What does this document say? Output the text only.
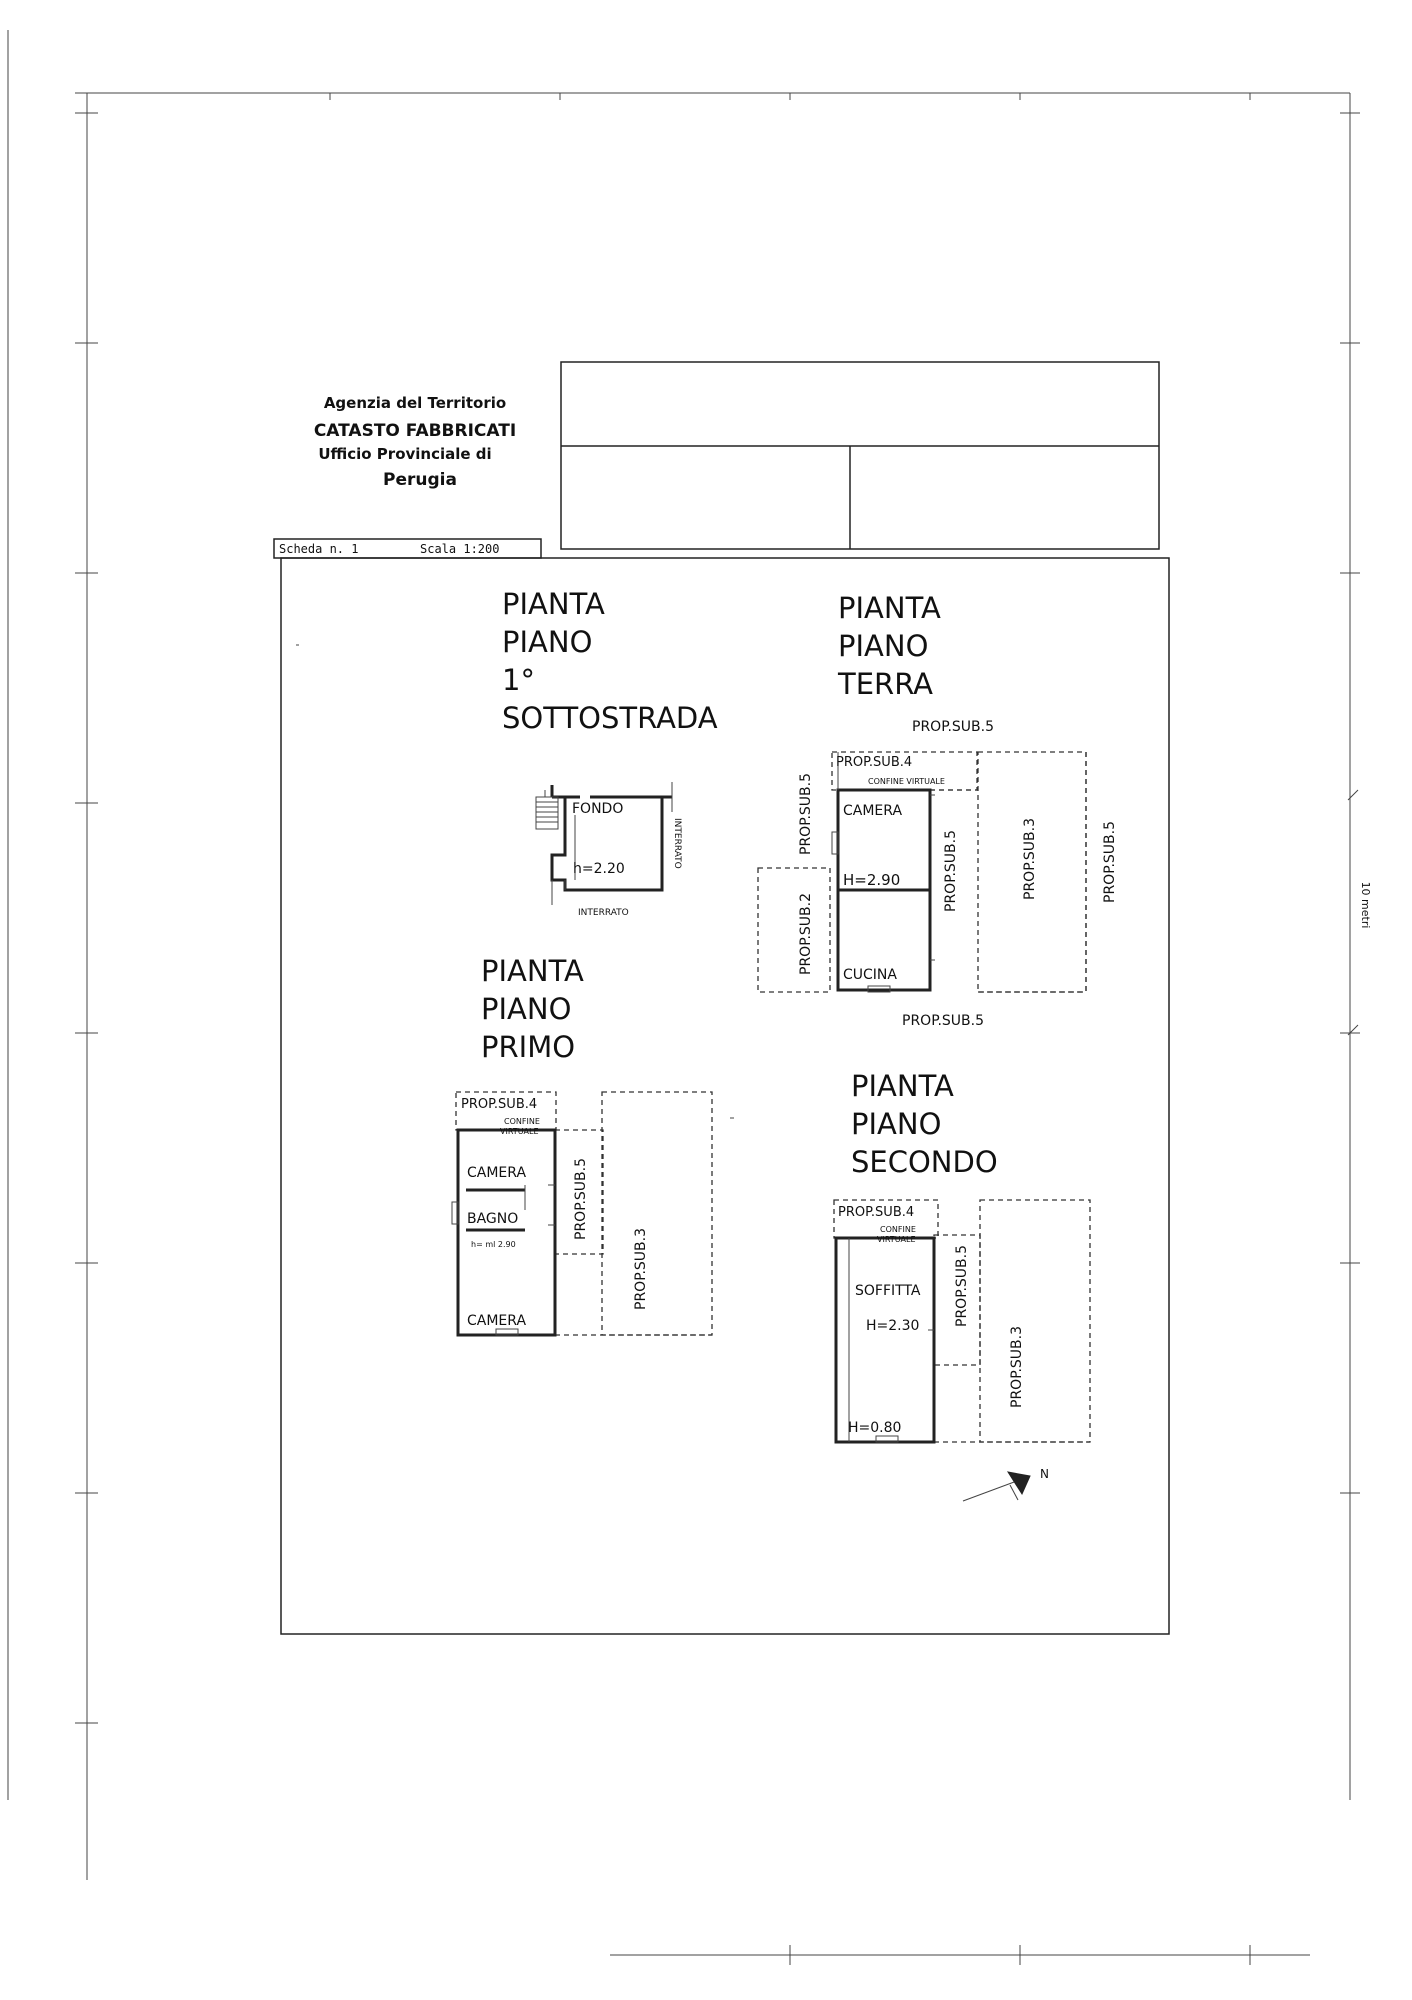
10 metri
Agenzia del Territorio
CATASTO FABBRICATI
Ufficio Provinciale di
Perugia
Scheda n. 1	Scala 1:200
PIANTA
PIANO
1°
SOTTOSTRADA
FONDO
h=2.20
INTERRATO
INTERRATO
PIANTA
PIANO
TERRA
PROP.SUB.5
PROP.SUB.4
CONFINE VIRTUALE
CAMERA
H=2.90
CUCINA
PROP.SUB.5
PROP.SUB.2
PROP.SUB.5	PROP.SUB.3	PROP.SUB.5
PROP.SUB.5
PIANTA
PIANO
PRIMO
PROP.SUB.4
CONFINE
VIRTUALE
CAMERA
BAGNO
h= ml 2.90
CAMERA
PROP.SUB.5
PROP.SUB.3
PIANTA
PIANO
SECONDO
PROP.SUB.4
CONFINE
VIRTUALE
SOFFITTA
H=2.30
H=0.80
PROP.SUB.5
PROP.SUB.3
N
